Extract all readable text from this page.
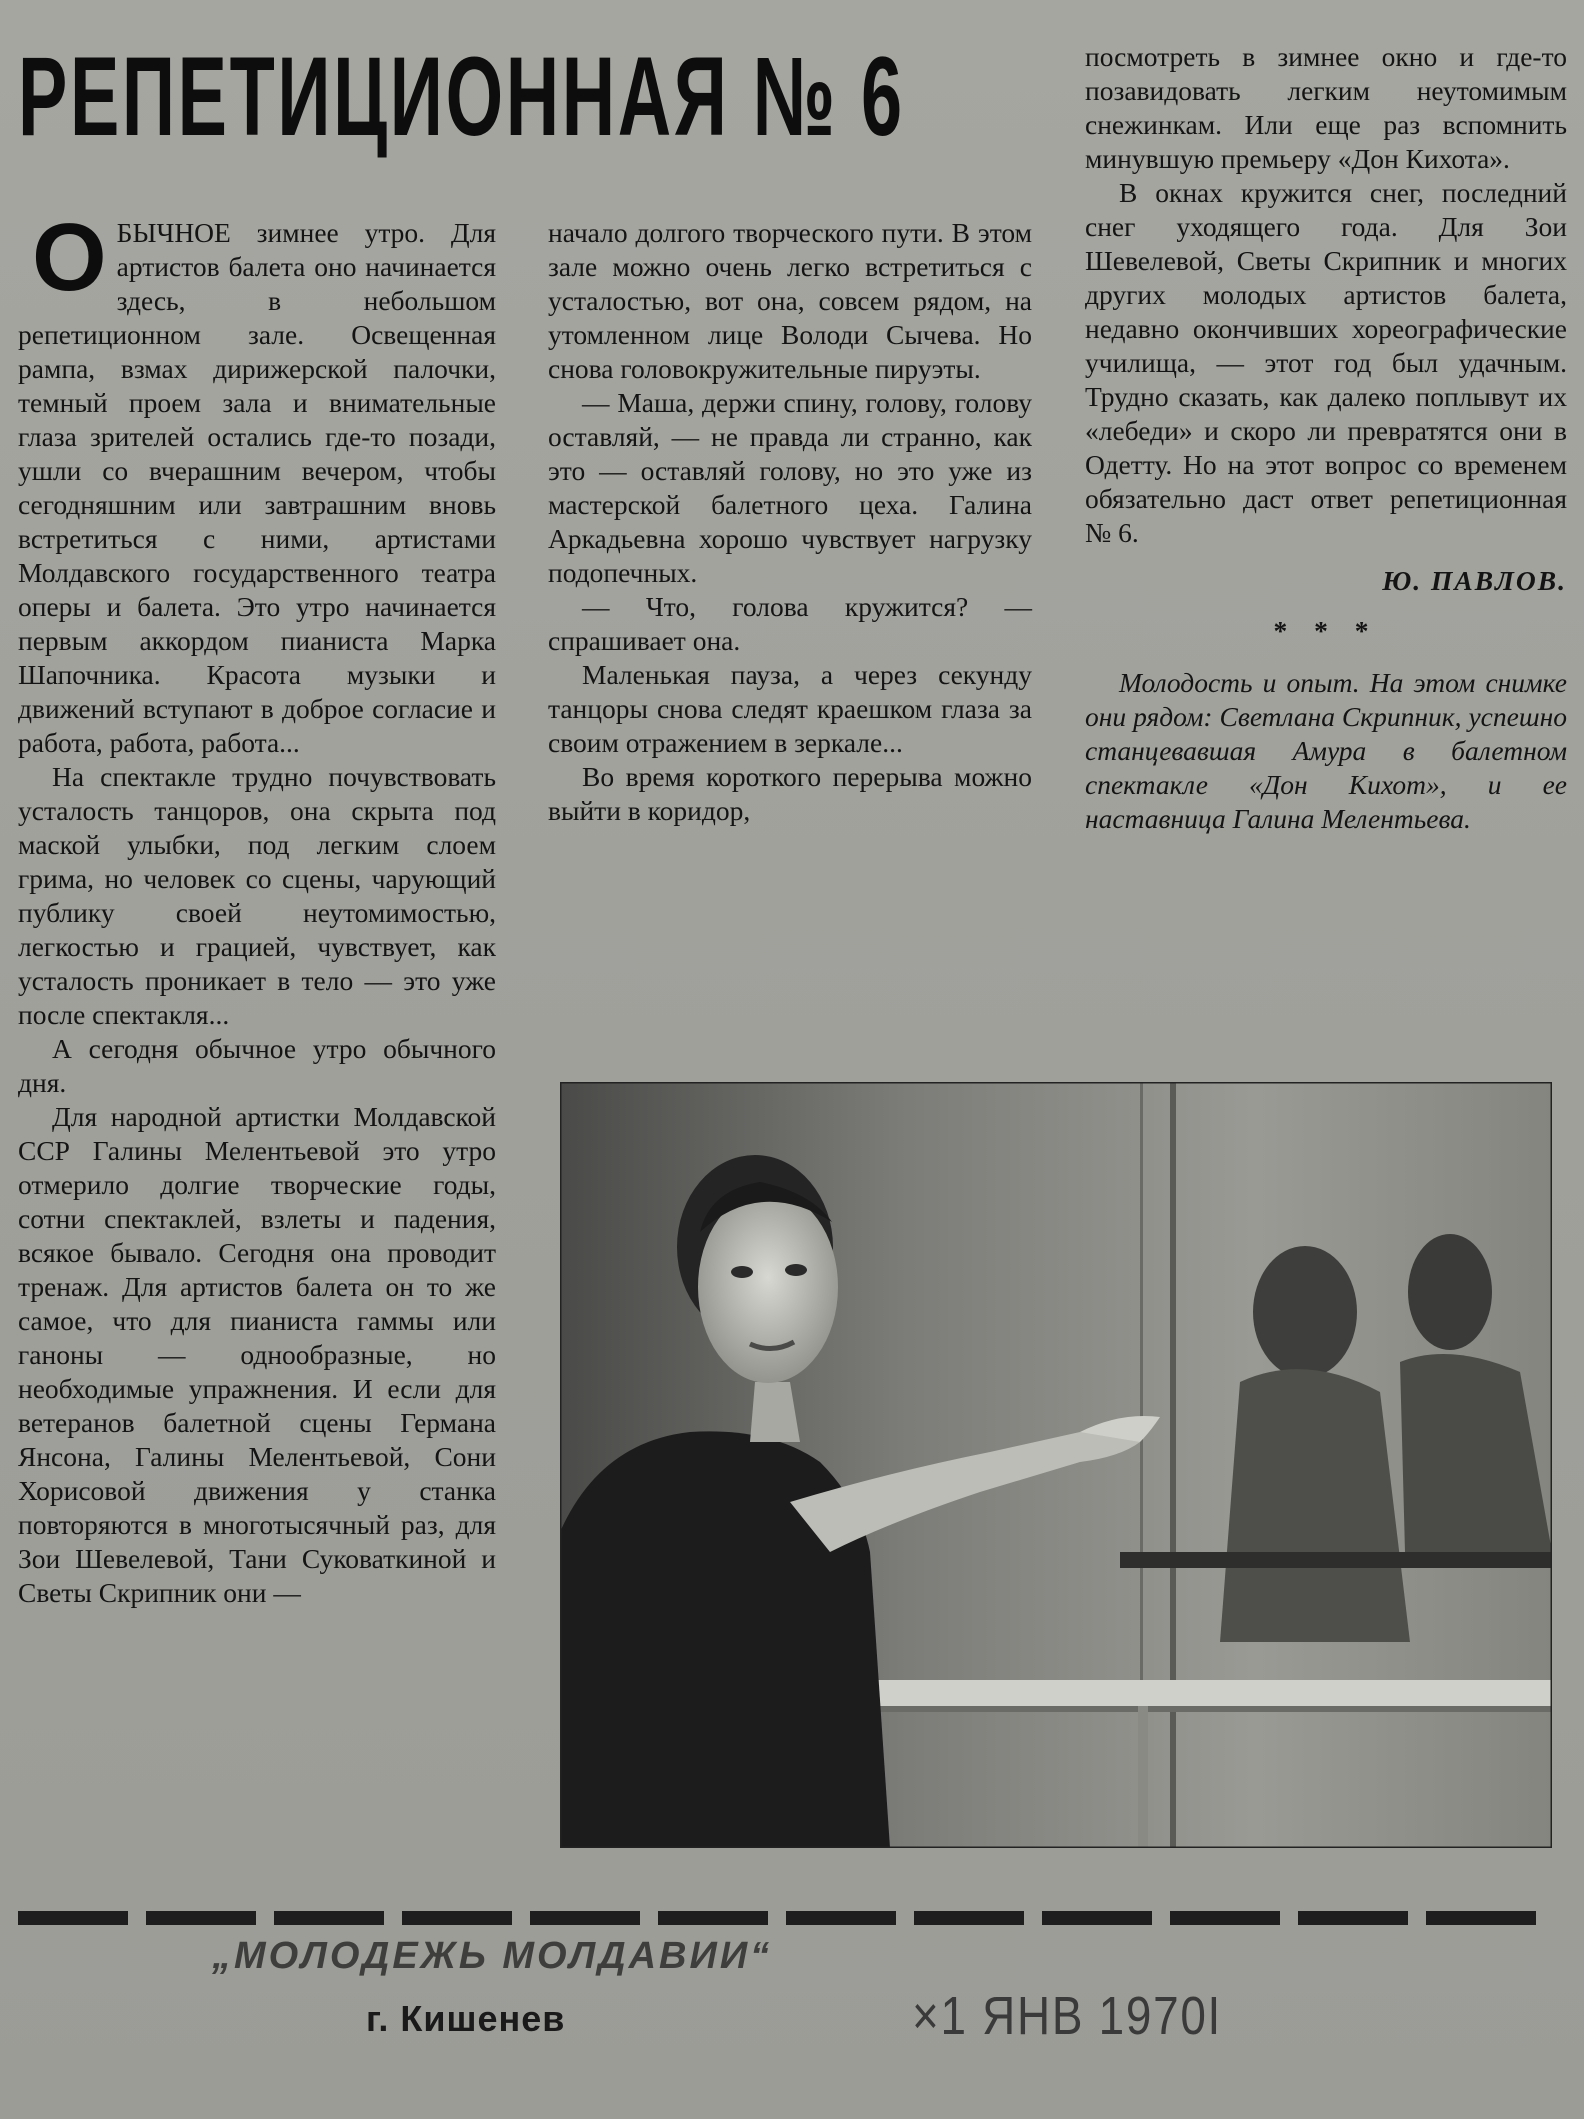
РЕПЕТИЦИОННАЯ № 6

ОБЫЧНОЕ зимнее утро. Для артистов балета оно начинается здесь, в небольшом репетиционном зале. Освещенная рампа, взмах дирижерской палочки, темный проем зала и внимательные глаза зрителей остались где-то позади, ушли со вчерашним вечером, чтобы сегодняшним или завтрашним вновь встретиться с ними, артистами Молдавского государственного театра оперы и балета. Это утро начинается первым аккордом пианиста Марка Шапочника. Красота музыки и движений вступают в доброе согласие и работа, работа, работа...

На спектакле трудно почувствовать усталость танцоров, она скрыта под маской улыбки, под легким слоем грима, но человек со сцены, чарующий публику своей неутомимостью, легкостью и грацией, чувствует, как усталость проникает в тело — это уже после спектакля...

А сегодня обычное утро обычного дня.

Для народной артистки Молдавской ССР Галины Мелентьевой это утро отмерило долгие творческие годы, сотни спектаклей, взлеты и падения, всякое бывало. Сегодня она проводит тренаж. Для артистов балета он то же самое, что для пианиста гаммы или ганоны — однообразные, но необходимые упражнения. И если для ветеранов балетной сцены Германа Янсона, Галины Мелентьевой, Сони Хорисовой движения у станка повторяются в многотысячный раз, для Зои Шевелевой, Тани Суковаткиной и Светы Скрипник они —

начало долгого творческого пути. В этом зале можно очень легко встретиться с усталостью, вот она, совсем рядом, на утомленном лице Володи Сычева. Но снова головокружительные пируэты.

— Маша, держи спину, голову, голову оставляй, — не правда ли странно, как это — оставляй голову, но это уже из мастерской балетного цеха. Галина Аркадьевна хорошо чувствует нагрузку подопечных.

— Что, голова кружится? — спрашивает она.

Маленькая пауза, а через секунду танцоры снова следят краешком глаза за своим отражением в зеркале...

Во время короткого перерыва можно выйти в коридор,

посмотреть в зимнее окно и где-то позавидовать легким неутомимым снежинкам. Или еще раз вспомнить минувшую премьеру «Дон Кихота».

В окнах кружится снег, последний снег уходящего года. Для Зои Шевелевой, Светы Скрипник и многих других молодых артистов балета, недавно окончивших хореографические училища, — этот год был удачным. Трудно сказать, как далеко поплывут их «лебеди» и скоро ли превратятся они в Одетту. Но на этот вопрос со временем обязательно даст ответ репетиционная № 6.

Ю. ПАВЛОВ.
* * *

Молодость и опыт. На этом снимке они рядом: Светлана Скрипник, успешно станцевавшая Амура в балетном спектакле «Дон Кихот», и ее наставница Галина Мелентьева.

„МОЛОДЕЖЬ МОЛДАВИИ“
г. Кишенев	×1 ЯНВ 1970І
